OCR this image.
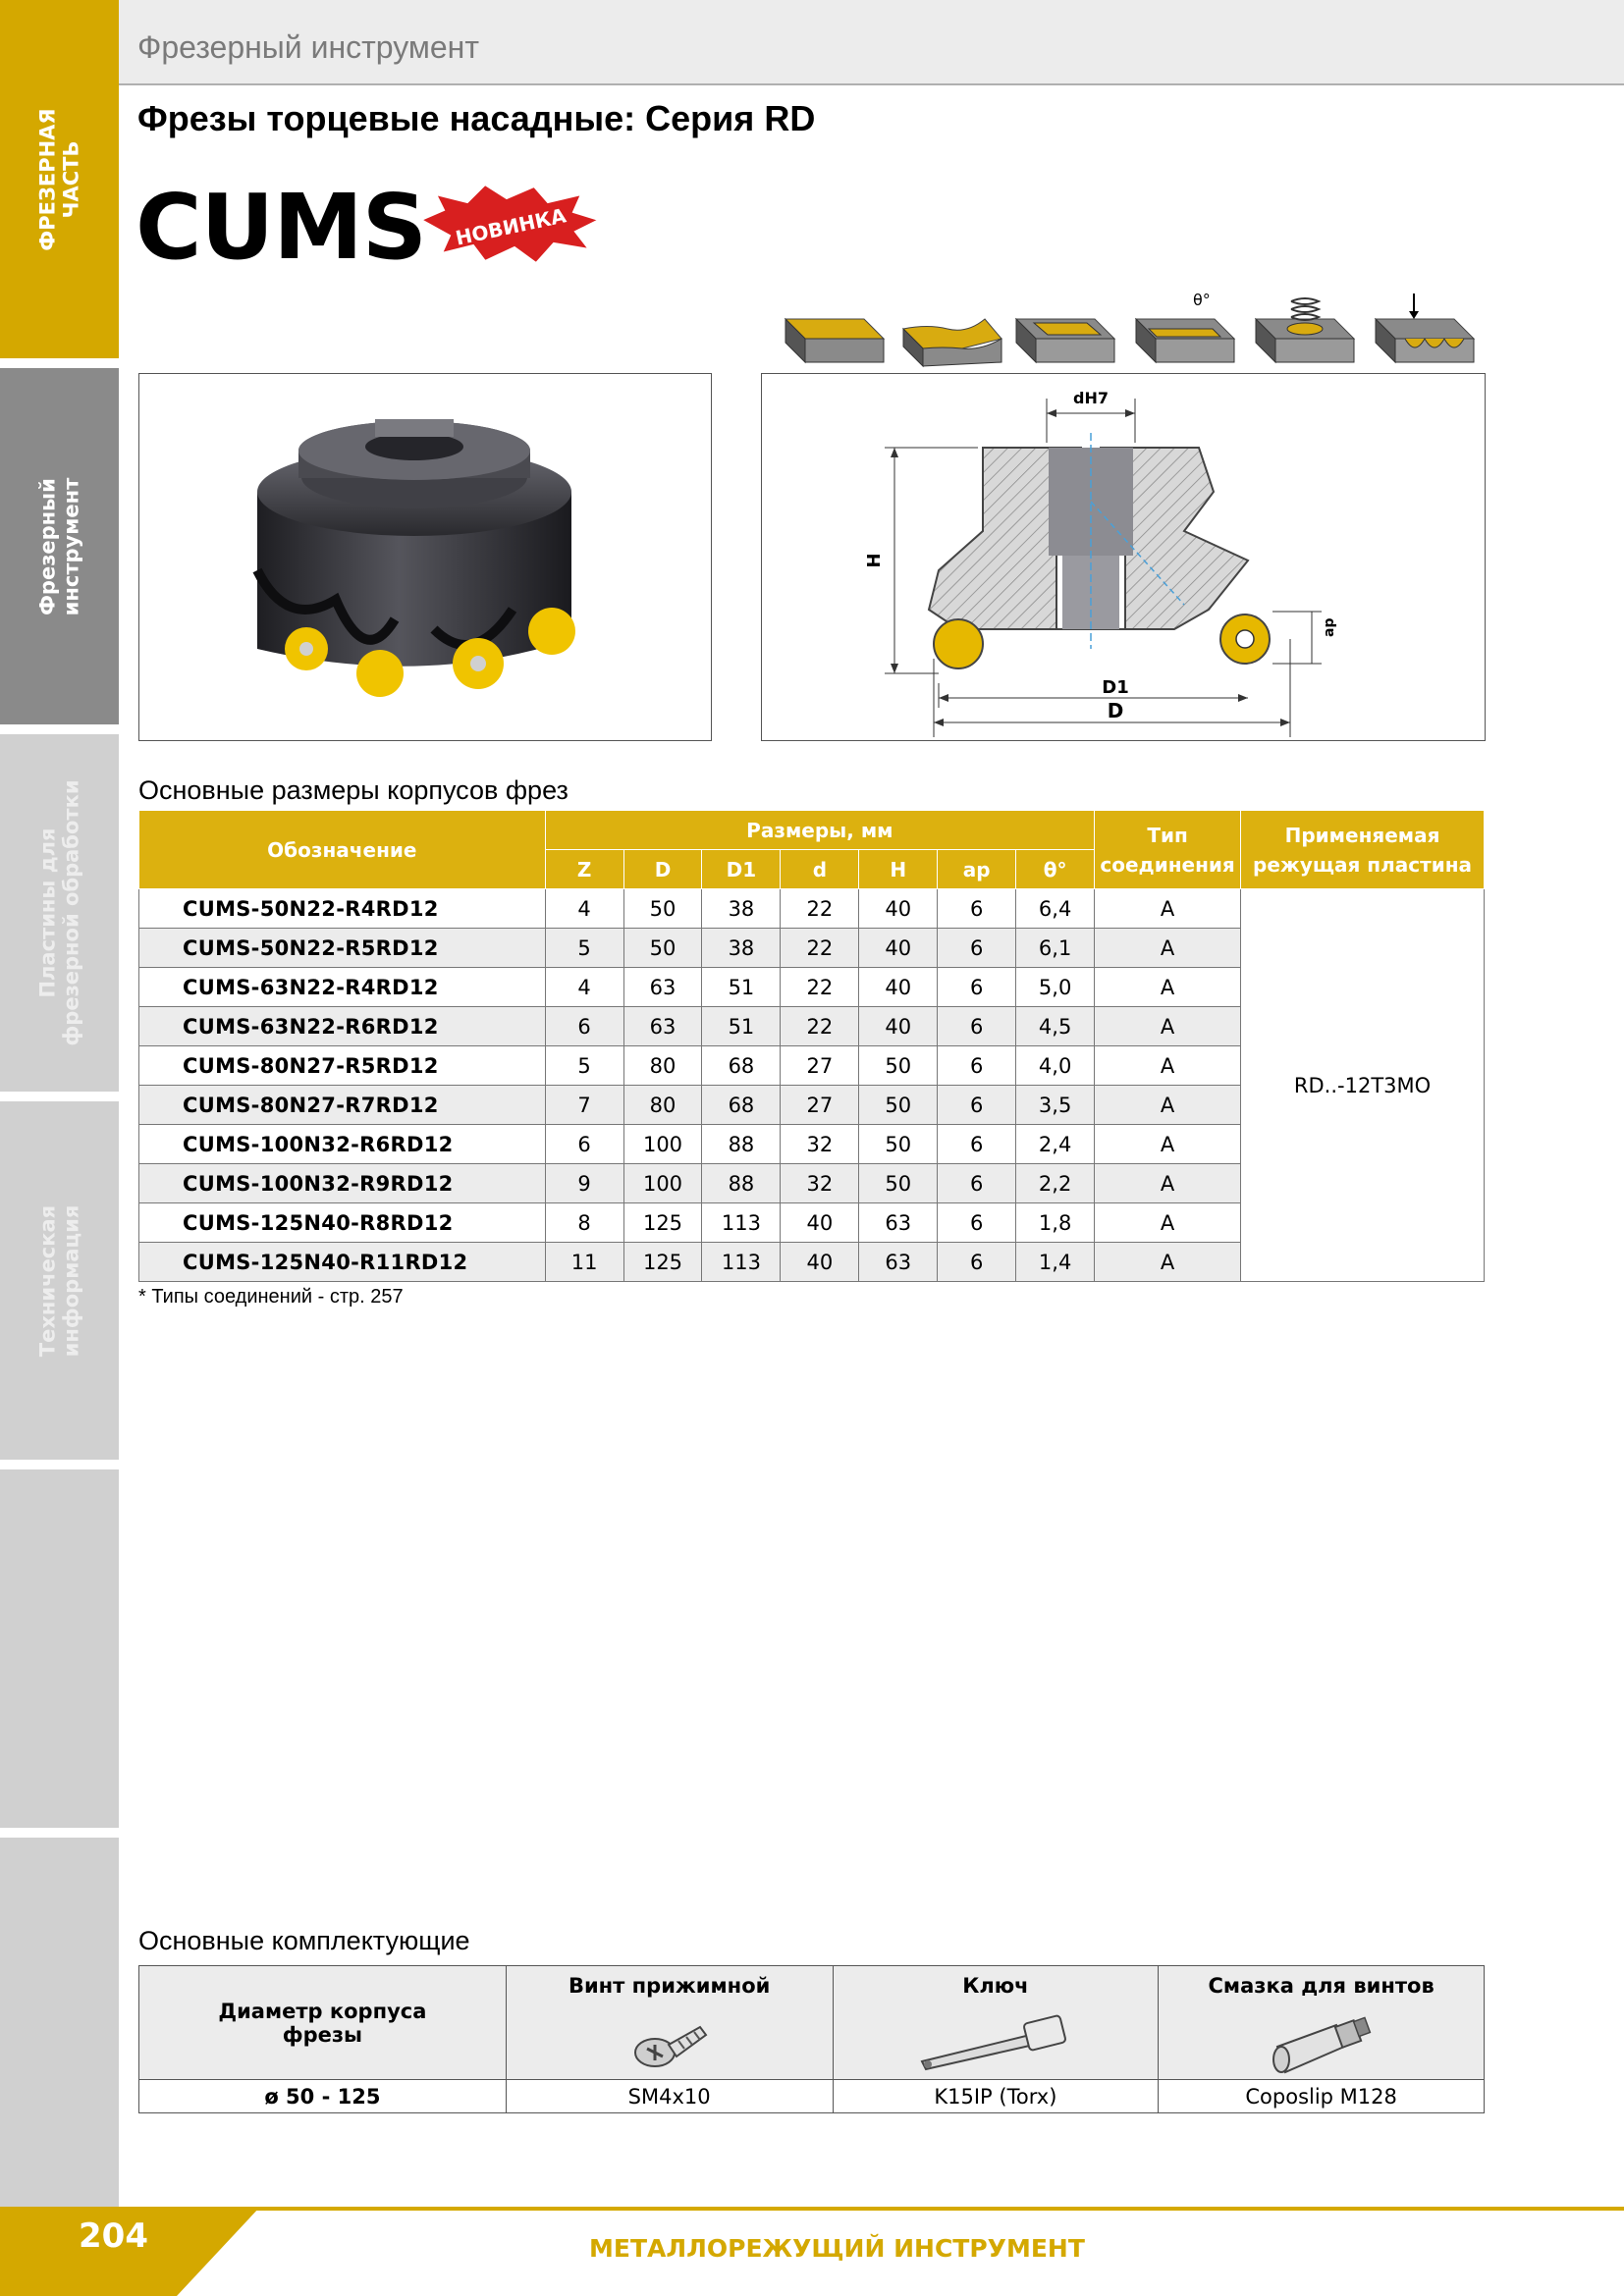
ФРЕЗЕРНАЯ ЧАСТЬ
Фрезерный инструмент
Пластины для фрезерной обработки
Техническая информация
Фрезерный инструмент
Фрезы торцевые насадные: Серия RD
CUMS НОВИНКА
θ°
dH7
H
D1
D
ap
Основные размеры корпусов фрез
Обозначение	Размеры, мм							Тип соединения	Применяемая режущая пластина
	Z	D	D1	d	H	ap	θ°		
CUMS-50N22-R4RD12	4	50	38	22	40	6	6,4	A	RD..-12T3MO
CUMS-50N22-R5RD12	5	50	38	22	40	6	6,1	A	
CUMS-63N22-R4RD12	4	63	51	22	40	6	5,0	A	
CUMS-63N22-R6RD12	6	63	51	22	40	6	4,5	A	
CUMS-80N27-R5RD12	5	80	68	27	50	6	4,0	A	
CUMS-80N27-R7RD12	7	80	68	27	50	6	3,5	A	
CUMS-100N32-R6RD12	6	100	88	32	50	6	2,4	A	
CUMS-100N32-R9RD12	9	100	88	32	50	6	2,2	A	
CUMS-125N40-R8RD12	8	125	113	40	63	6	1,8	A	
CUMS-125N40-R11RD12	11	125	113	40	63	6	1,4	A	
* Типы соединений - стр. 257
Основные комплектующие
Диаметр корпуса фрезы	Винт прижимной	Ключ	Смазка для винтов

ø 50 - 125	SM4x10	K15IP (Torx)	Coposlip M128
204	МЕТАЛЛОРЕЖУЩИЙ ИНСТРУМЕНТ
